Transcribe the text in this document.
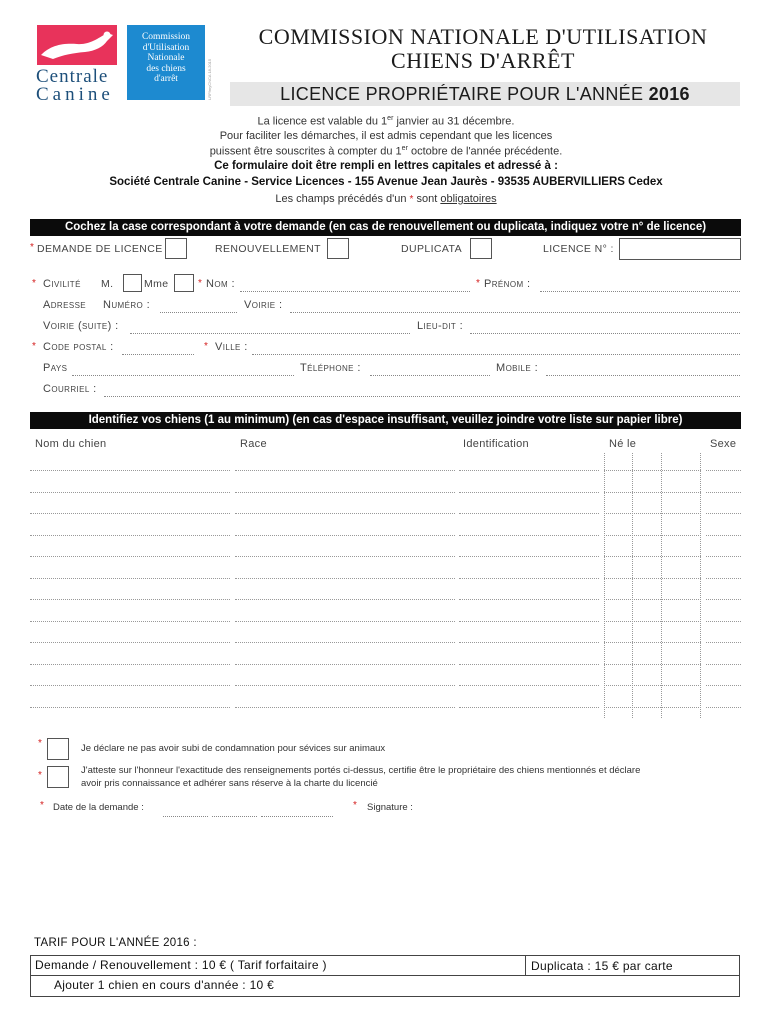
Centrale
Canine
Commission
d'Utilisation
Nationale
des chiens
d'arrêt	LRP/myCNCA 18-2015
COMMISSION NATIONALE D'UTILISATION
CHIENS D'ARRÊT
LICENCE PROPRIÉTAIRE POUR L'ANNÉE 2016
La licence est valable du 1er janvier au 31 décembre.
Pour faciliter les démarches, il est admis cependant que les licences
puissent être souscrites à compter du 1er octobre de l'année précédente.
Ce formulaire doit être rempli en lettres capitales et adressé à :
Société Centrale Canine - Service Licences - 155 Avenue Jean Jaurès - 93535 AUBERVILLIERS Cedex
Les champs précédés d'un * sont obligatoires
Cochez la case correspondant à votre demande (en cas de renouvellement ou duplicata, indiquez votre n° de licence)
* DEMANDE DE LICENCE	RENOUVELLEMENT	DUPLICATA	LICENCE N° :
* Civilité M.	Mme	* Nom :	* Prénom :
Adresse Numéro :	Voirie :
Voirie (suite) :	Lieu-dit :
* Code postal :	* Ville :
Pays	Téléphone :	Mobile :
Courriel :
Identifiez vos chiens (1 au minimum) (en cas d'espace insuffisant, veuillez joindre votre liste sur papier libre)
Nom du chien	Race	Identification	Né le	Sexe
*	Je déclare ne pas avoir subi de condamnation pour sévices sur animaux
*	J'atteste sur l'honneur l'exactitude des renseignements portés ci-dessus, certifie être le propriétaire des chiens mentionnés et déclare
avoir pris connaissance et adhérer sans réserve à la charte du licencié
* Date de la demande :	* Signature :
TARIF POUR L'ANNÉE 2016 :
Demande / Renouvellement : 10 € ( Tarif forfaitaire )	Duplicata : 15 € par carte
Ajouter 1 chien en cours d'année : 10 €
